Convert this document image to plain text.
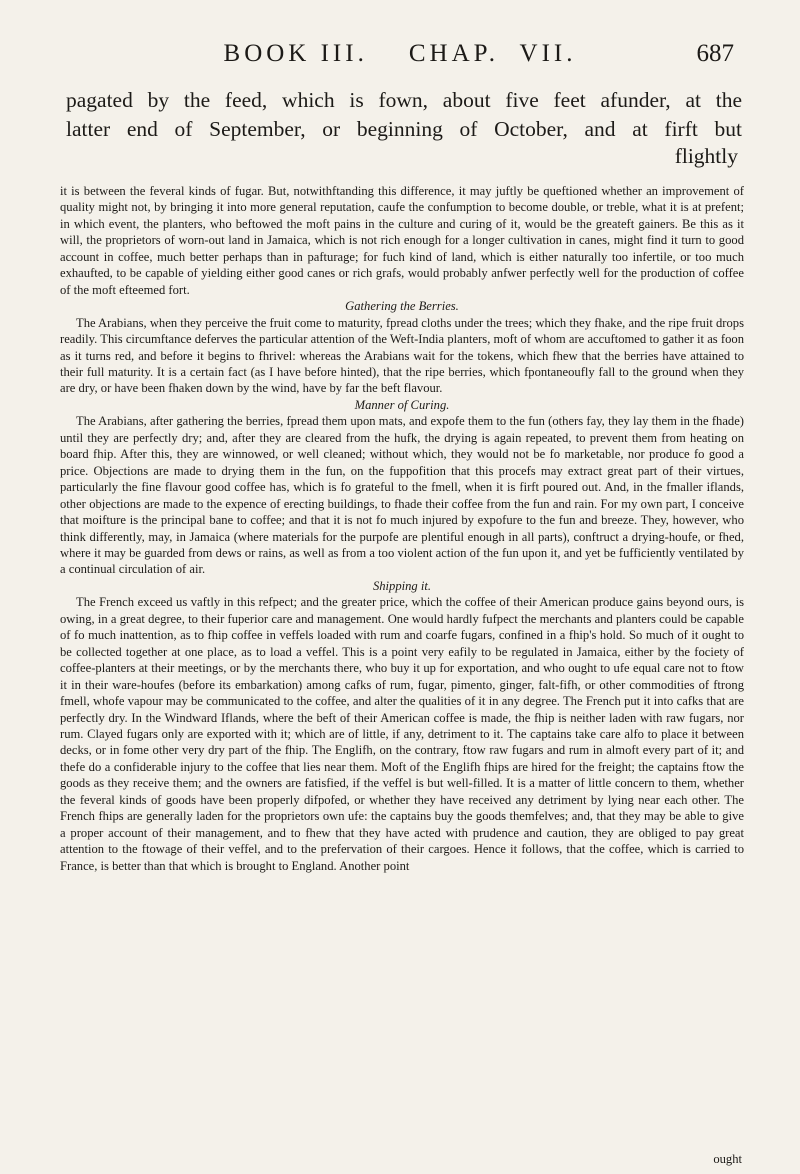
BOOK III. CHAP. VII.	687
pagated by the feed, which is fown, about five feet afunder, at the
latter end of September, or beginning of October, and at firft but
flightly

it is between the feveral kinds of fugar. But, notwithftanding this difference, it may juftly be queftioned whether an improvement of quality might not, by bringing it into more general reputation, caufe the confumption to become double, or treble, what it is at prefent; in which event, the planters, who beftowed the moft pains in the culture and curing of it, would be the greateft gainers. Be this as it will, the proprietors of worn-out land in Jamaica, which is not rich enough for a longer cultivation in canes, might find it turn to good account in coffee, much better perhaps than in pafturage; for fuch kind of land, which is either naturally too infertile, or too much exhaufted, to be capable of yielding either good canes or rich grafs, would probably anfwer perfectly well for the production of coffee of the moft efteemed fort.

Gathering the Berries.

The Arabians, when they perceive the fruit come to maturity, fpread cloths under the trees; which they fhake, and the ripe fruit drops readily. This circumftance deferves the particular attention of the Weft-India planters, moft of whom are accuftomed to gather it as foon as it turns red, and before it begins to fhrivel: whereas the Arabians wait for the tokens, which fhew that the berries have attained to their full maturity. It is a certain fact (as I have before hinted), that the ripe berries, which fpontaneoufly fall to the ground when they are dry, or have been fhaken down by the wind, have by far the beft flavour.

Manner of Curing.

The Arabians, after gathering the berries, fpread them upon mats, and expofe them to the fun (others fay, they lay them in the fhade) until they are perfectly dry; and, after they are cleared from the hufk, the drying is again repeated, to prevent them from heating on board fhip. After this, they are winnowed, or well cleaned; without which, they would not be fo marketable, nor produce fo good a price. Objections are made to drying them in the fun, on the fuppofition that this procefs may extract great part of their virtues, particularly the fine flavour good coffee has, which is fo grateful to the fmell, when it is firft poured out. And, in the fmaller iflands, other objections are made to the expence of erecting buildings, to fhade their coffee from the fun and rain. For my own part, I conceive that moifture is the principal bane to coffee; and that it is not fo much injured by expofure to the fun and breeze. They, however, who think differently, may, in Jamaica (where materials for the purpofe are plentiful enough in all parts), conftruct a drying-houfe, or fhed, where it may be guarded from dews or rains, as well as from a too violent action of the fun upon it, and yet be fufficiently ventilated by a continual circulation of air.

Shipping it.

The French exceed us vaftly in this refpect; and the greater price, which the coffee of their American produce gains beyond ours, is owing, in a great degree, to their fuperior care and management. One would hardly fufpect the merchants and planters could be capable of fo much inattention, as to fhip coffee in veffels loaded with rum and coarfe fugars, confined in a fhip's hold. So much of it ought to be collected together at one place, as to load a veffel. This is a point very eafily to be regulated in Jamaica, either by the fociety of coffee-planters at their meetings, or by the merchants there, who buy it up for exportation, and who ought to ufe equal care not to ftow it in their ware-houfes (before its embarkation) among cafks of rum, fugar, pimento, ginger, falt-fifh, or other commodities of ftrong fmell, whofe vapour may be communicated to the coffee, and alter the qualities of it in any degree. The French put it into cafks that are perfectly dry. In the Windward Iflands, where the beft of their American coffee is made, the fhip is neither laden with raw fugars, nor rum. Clayed fugars only are exported with it; which are of little, if any, detriment to it. The captains take care alfo to place it between decks, or in fome other very dry part of the fhip. The Englifh, on the contrary, ftow raw fugars and rum in almoft every part of it; and thefe do a confiderable injury to the coffee that lies near them. Moft of the Englifh fhips are hired for the freight; the captains ftow the goods as they receive them; and the owners are fatisfied, if the veffel is but well-filled. It is a matter of little concern to them, whether the feveral kinds of goods have been properly difpofed, or whether they have received any detriment by lying near each other. The French fhips are generally laden for the proprietors own ufe: the captains buy the goods themfelves; and, that they may be able to give a proper account of their management, and to fhew that they have acted with prudence and caution, they are obliged to pay great attention to the ftowage of their veffel, and to the prefervation of their cargoes. Hence it follows, that the coffee, which is carried to France, is better than that which is brought to England. Another point

ought
